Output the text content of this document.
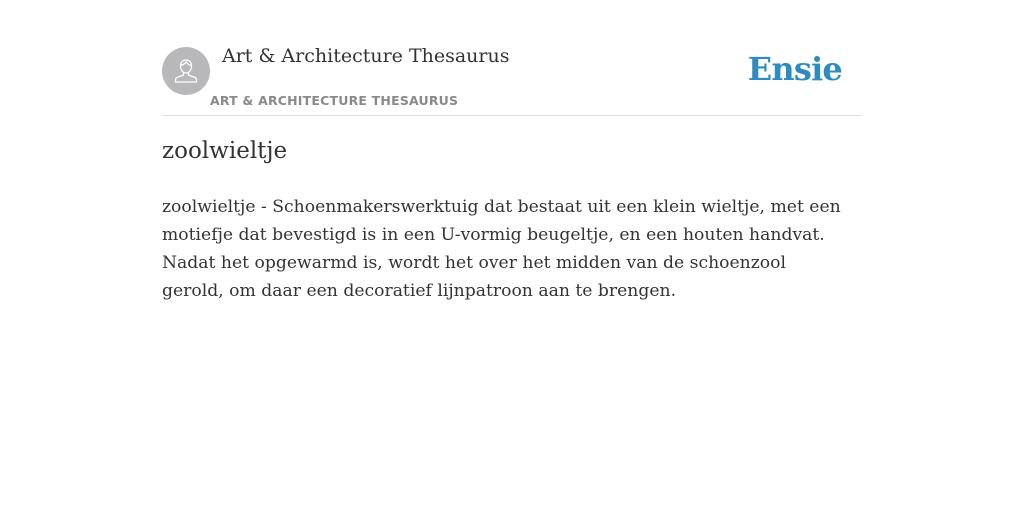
Art & Architecture Thesaurus
ART & ARCHITECTURE THESAURUS
Ensie
zoolwieltje

zoolwieltje - Schoenmakerswerktuig dat bestaat uit een klein wieltje, met een motiefje dat bevestigd is in een U-vormig beugeltje, en een houten handvat. Nadat het opgewarmd is, wordt het over het midden van de schoenzool gerold, om daar een decoratief lijnpatroon aan te brengen.
